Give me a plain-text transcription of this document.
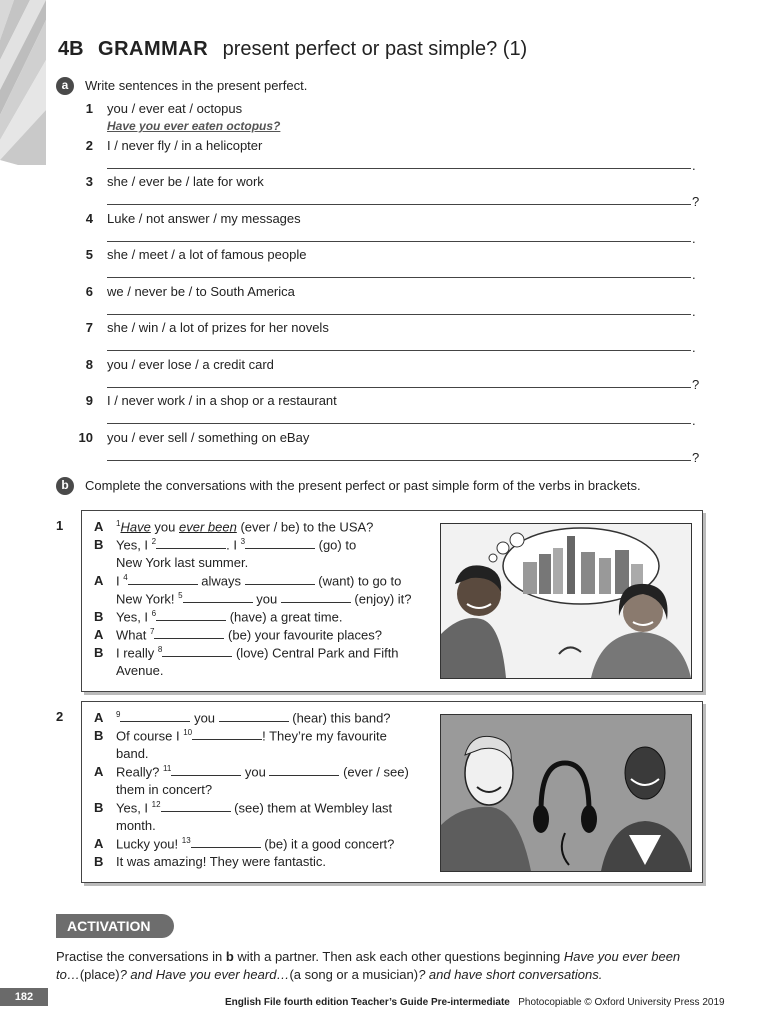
4B GRAMMAR present perfect or past simple? (1)
a	Write sentences in the present perfect.
1 you / ever eat / octopus
Have you ever eaten octopus?
2 I / never fly / in a helicopter
.
3 she / ever be / late for work
?
4 Luke / not answer / my messages
.
5 she / meet / a lot of famous people
.
6 we / never be / to South America
.
7 she / win / a lot of prizes for her novels
.
8 you / ever lose / a credit card
?
9 I / never work / in a shop or a restaurant
.
10 you / ever sell / something on eBay
?
b	Complete the conversations with the present perfect or past simple form of the verbs in brackets.
1 A $^1$Have you ever been (ever / be) to the USA?
B Yes, I $^2$	. I $^3$	(go) to
New York last summer.
A I $^4$	always	(want) to go to
New York! $^5$	you	(enjoy) it?
B Yes, I $^6$	(have) a great time.
A What $^7$	(be) your favourite places?
B I really $^8$	(love) Central Park and Fifth
Avenue.
2 A $^9$	you	(hear) this band?
B Of course I $^{10}$	! They’re my favourite
band.
A Really? $^{11}$	you	(ever / see)
them in concert?
B Yes, I $^{12}$	(see) them at Wembley last
month.
A Lucky you! $^{13}$	(be) it a good concert?
B It was amazing! They were fantastic.
ACTIVATION
Practise the conversations in b with a partner. Then ask each other questions beginning Have you ever been to…(place)? and Have you ever heard…(a song or a musician)? and have short conversations.
182	English File fourth edition Teacher’s Guide Pre-intermediate Photocopiable © Oxford University Press 2019
